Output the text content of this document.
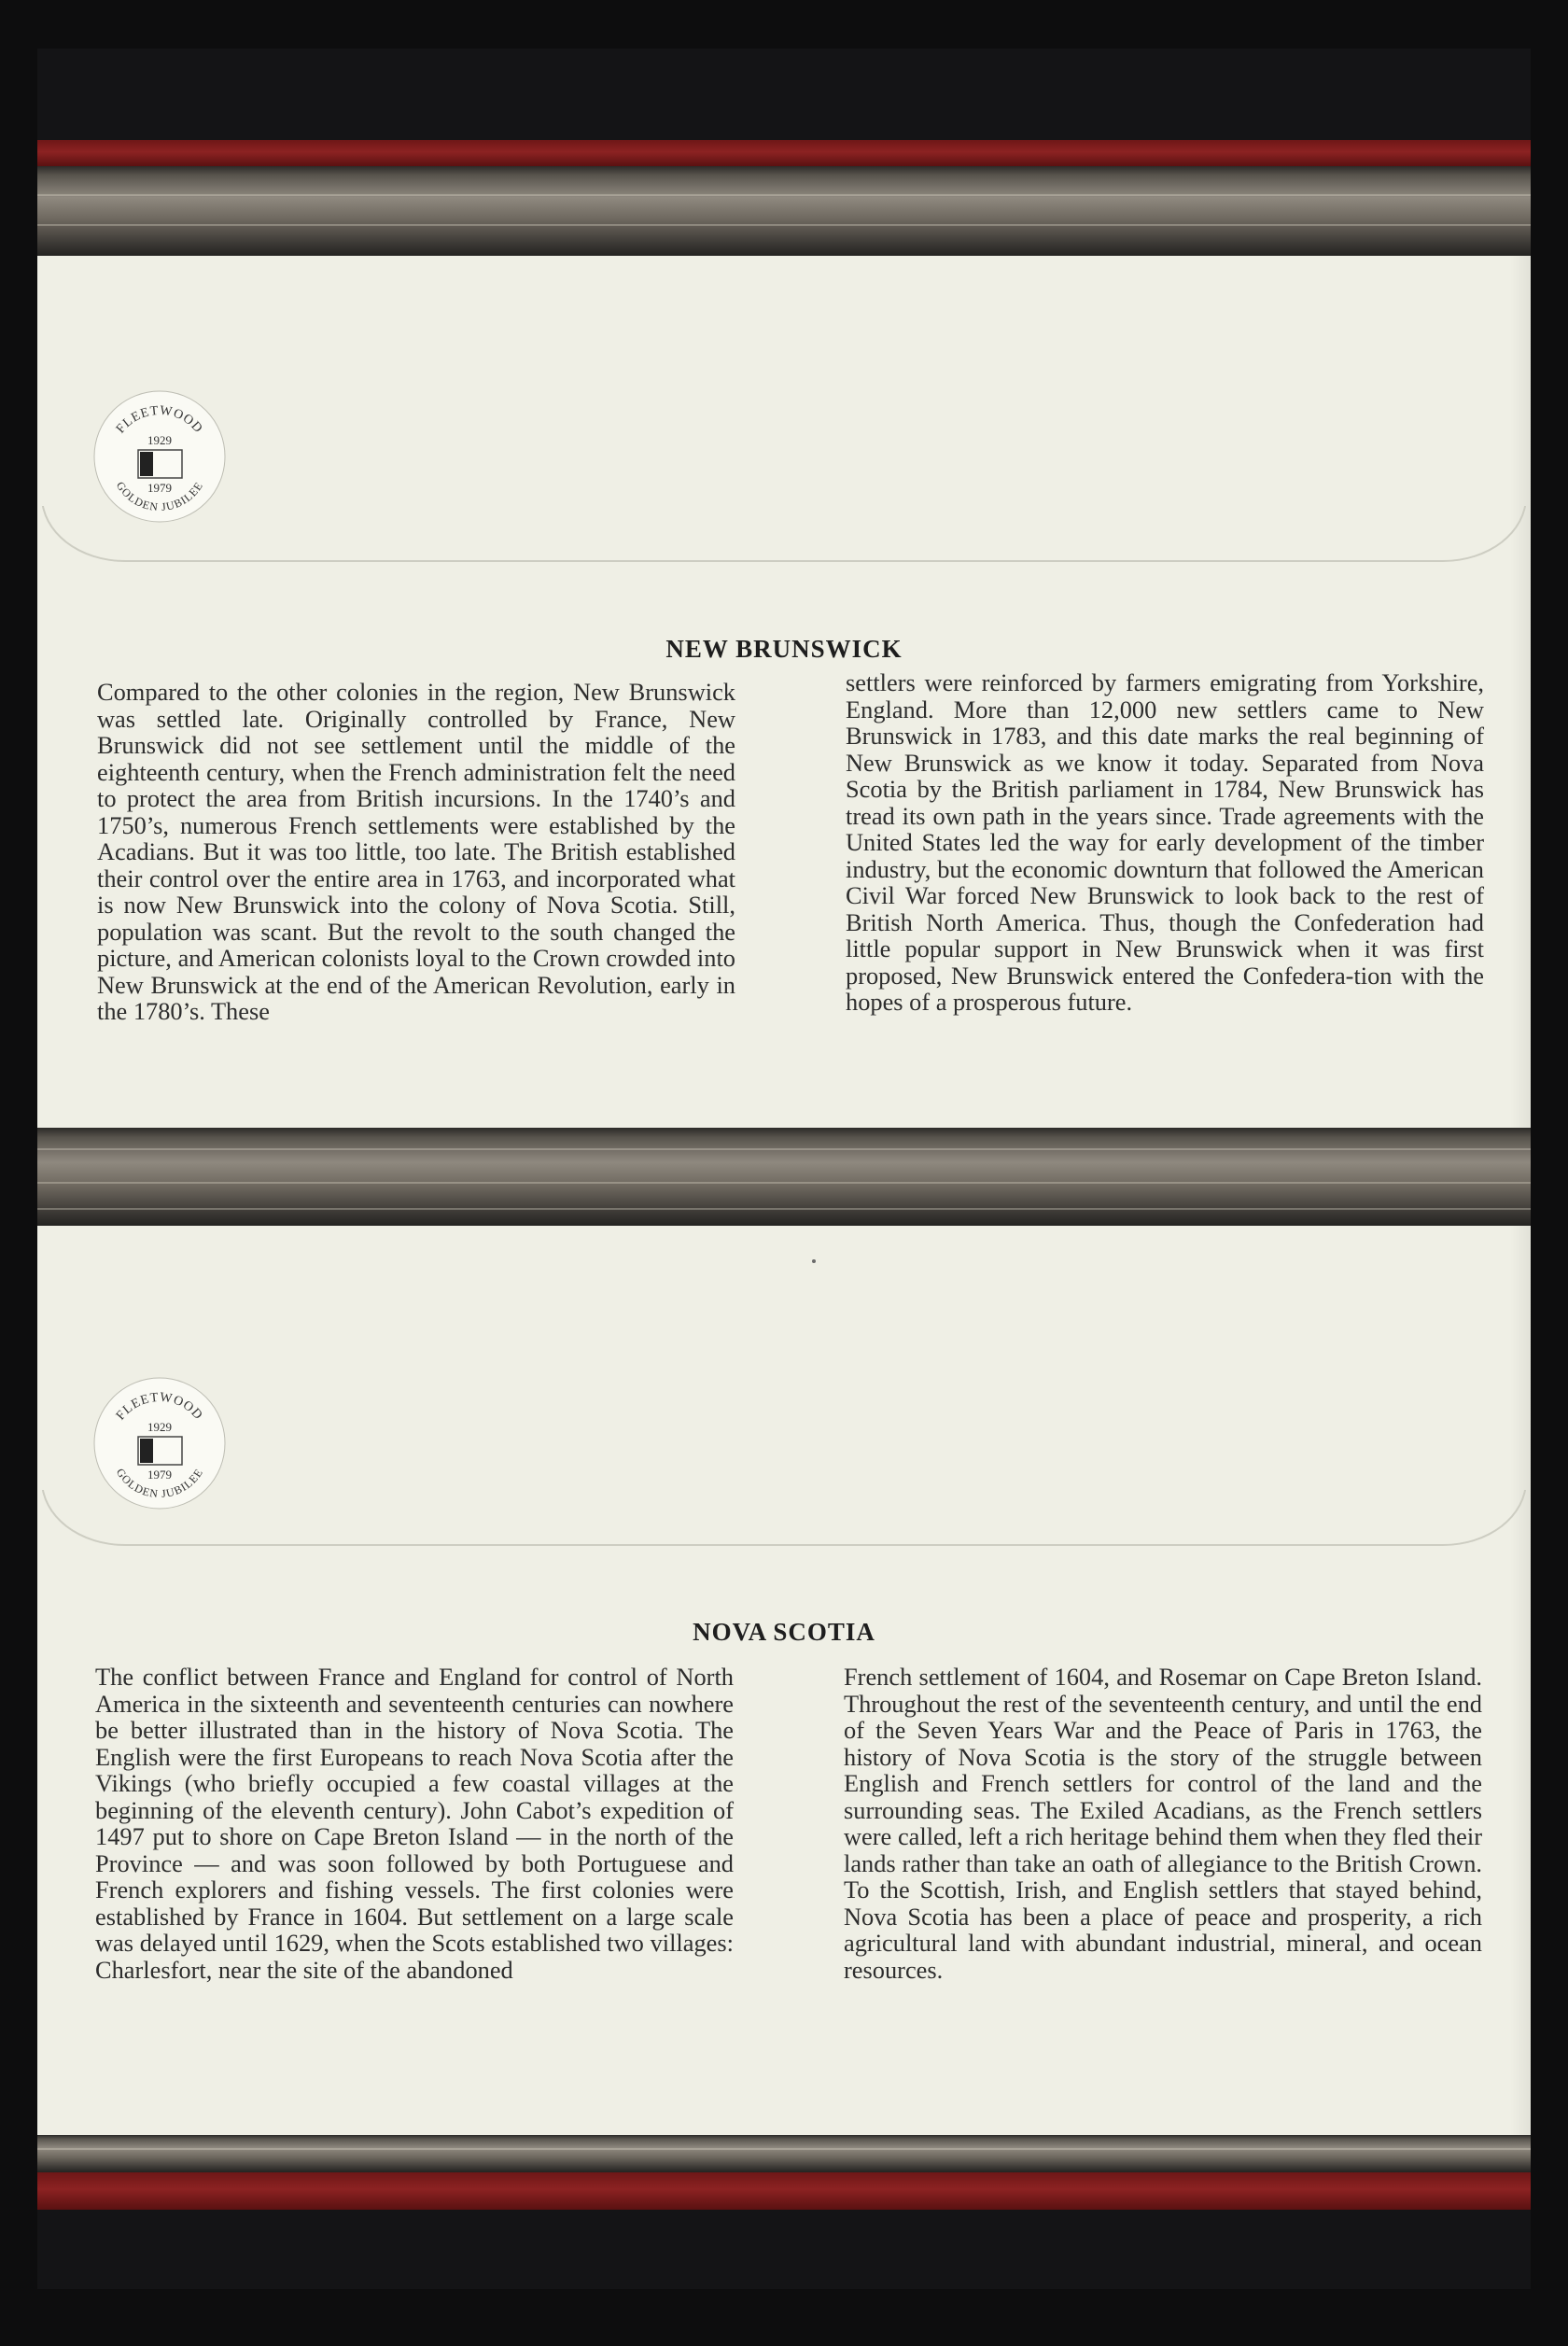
FLEETWOOD
GOLDEN JUBILEE
1929
1979
NEW BRUNSWICK

Compared to the other colonies in the region, New Brunswick was settled late. Originally controlled by France, New Brunswick did not see settlement until the middle of the eighteenth century, when the French administration felt the need to protect the area from British incursions. In the 1740’s and 1750’s, numerous French settlements were established by the Acadians. But it was too little, too late. The British established their control over the entire area in 1763, and incorporated what is now New Brunswick into the colony of Nova Scotia. Still, population was scant. But the revolt to the south changed the picture, and American colonists loyal to the Crown crowded into New Brunswick at the end of the American Revolution, early in the 1780’s. These

settlers were reinforced by farmers emigrating from Yorkshire, England. More than 12,000 new settlers came to New Brunswick in 1783, and this date marks the real beginning of New Brunswick as we know it today. Separated from Nova Scotia by the British parliament in 1784, New Brunswick has tread its own path in the years since. Trade agreements with the United States led the way for early development of the timber industry, but the economic downturn that followed the American Civil War forced New Brunswick to look back to the rest of British North America. Thus, though the Confederation had little popular support in New Brunswick when it was first proposed, New Brunswick entered the Confedera-tion with the hopes of a prosperous future.

FLEETWOOD
GOLDEN JUBILEE
1929
1979
NOVA SCOTIA

The conflict between France and England for control of North America in the sixteenth and seventeenth centuries can nowhere be better illustrated than in the history of Nova Scotia. The English were the first Europeans to reach Nova Scotia after the Vikings (who briefly occupied a few coastal villages at the beginning of the eleventh century). John Cabot’s expedition of 1497 put to shore on Cape Breton Island — in the north of the Province — and was soon followed by both Portuguese and French explorers and fishing vessels. The first colonies were established by France in 1604. But settlement on a large scale was delayed until 1629, when the Scots established two villages: Charlesfort, near the site of the abandoned

French settlement of 1604, and Rosemar on Cape Breton Island. Throughout the rest of the seventeenth century, and until the end of the Seven Years War and the Peace of Paris in 1763, the history of Nova Scotia is the story of the struggle between English and French settlers for control of the land and the surrounding seas. The Exiled Acadians, as the French settlers were called, left a rich heritage behind them when they fled their lands rather than take an oath of allegiance to the British Crown. To the Scottish, Irish, and English settlers that stayed behind, Nova Scotia has been a place of peace and prosperity, a rich agricultural land with abundant industrial, mineral, and ocean resources.
